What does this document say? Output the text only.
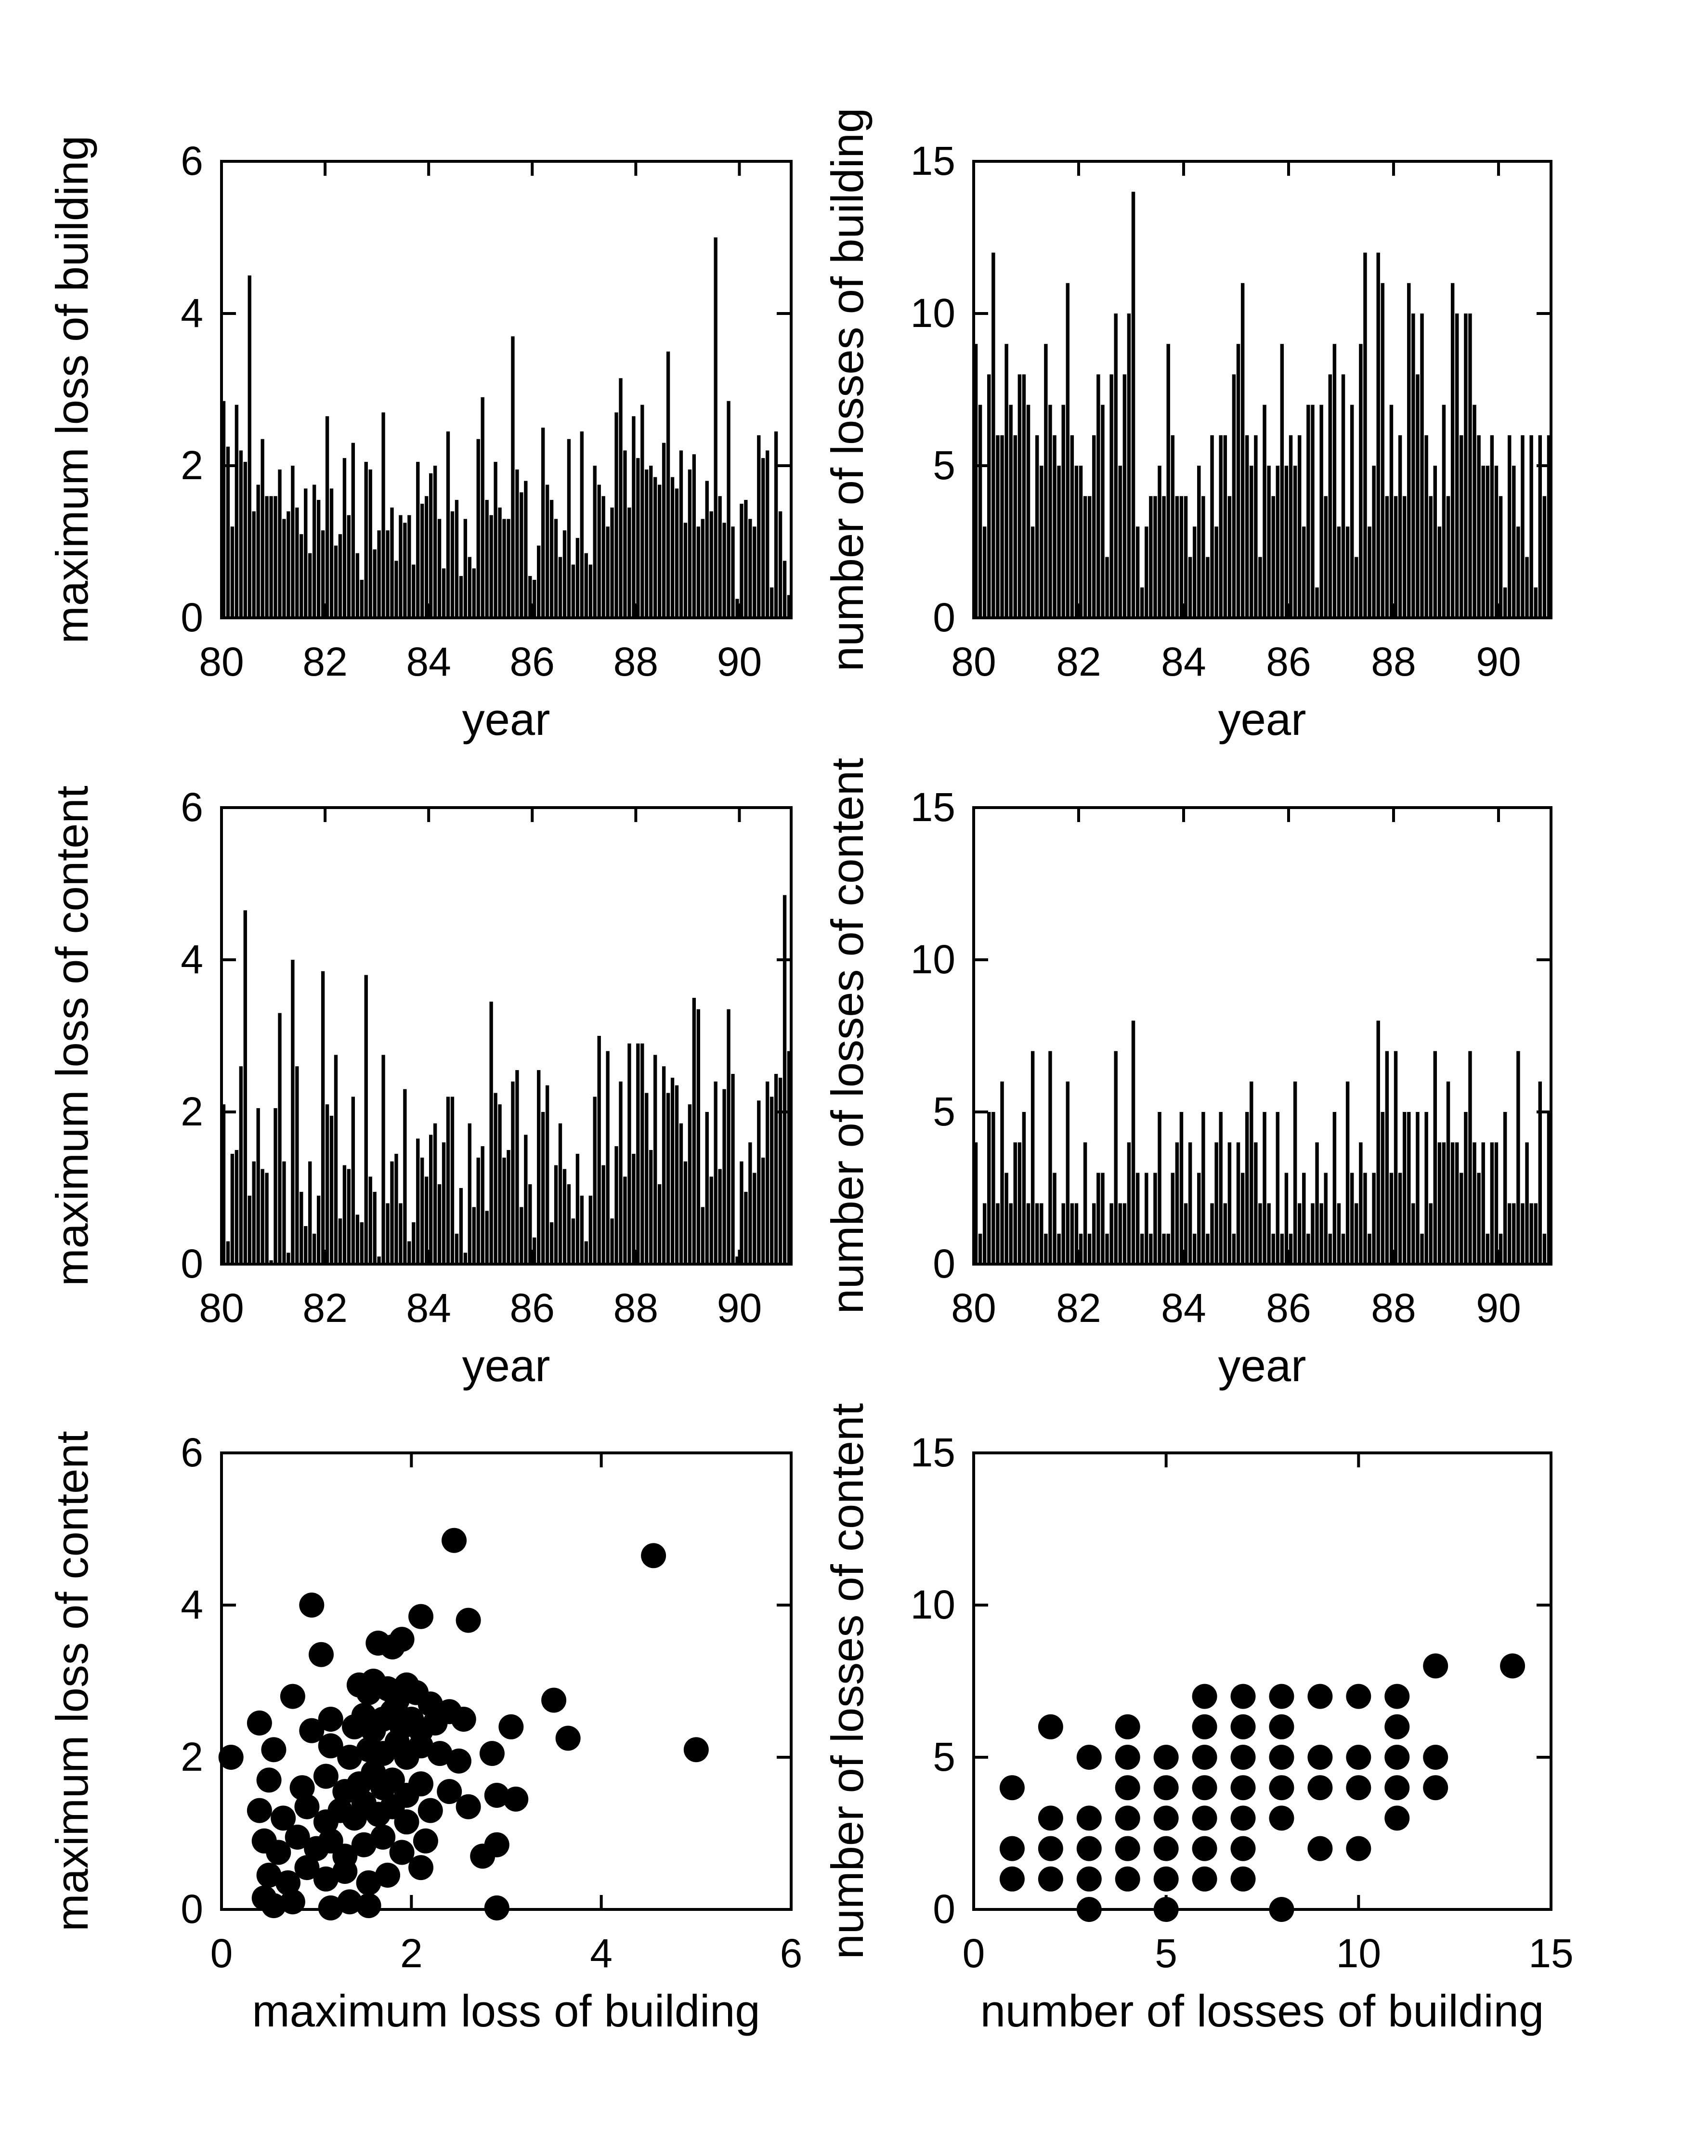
80 82 84 86 88 90
0
2
4
6
80 82 84 86 88 90
0
5
10
15
80 82 84 86 88 90
0
2
4
6
80 82 84 86 88 90
0
5
10
15
0	2	4	6
0
2
4
6
0	5	10	15
0
5
10
15
maximum loss of building
year
number of losses of building
year
maximum loss of content
year
number of losses of content
year
maximum loss of content
maximum loss of building
number of losses of content
number of losses of building
